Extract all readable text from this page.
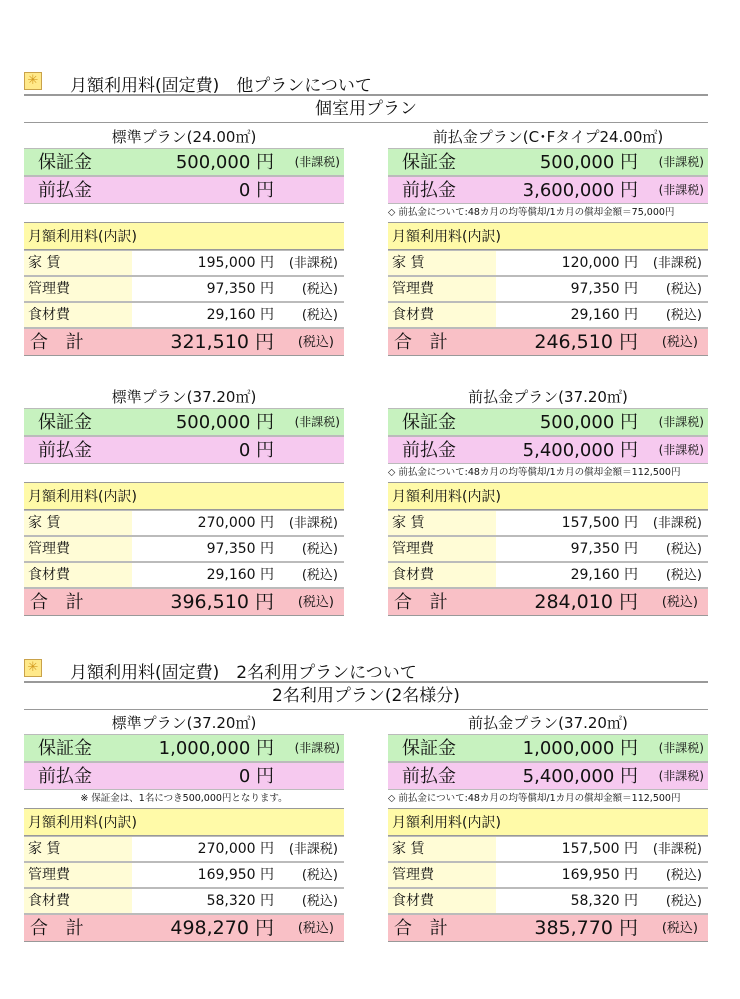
✳ 月額利用料(固定費)　他プランについて
個室用プラン
✳ 月額利用料(固定費)　2名利用プランについて
2名利用プラン(2名様分)
標準プラン(24.00㎡)
保証金	500,000 円 (非課税)
前払金	0 円
月額利用料(内訳)
家 賃	195,000 円 (非課税)
管理費	97,350 円 (税込)
食材費	29,160 円 (税込)
合 計	321,510 円 (税込)
前払金プラン(C･Fタイプ24.00㎡)
保証金	500,000 円 (非課税)
前払金	3,600,000 円 (非課税)
◇ 前払金について:48カ月の均等償却/1カ月の償却金額＝75,000円
月額利用料(内訳)
家 賃	120,000 円 (非課税)
管理費	97,350 円 (税込)
食材費	29,160 円 (税込)
合 計	246,510 円 (税込)
標準プラン(37.20㎡)
保証金	500,000 円 (非課税)
前払金	0 円
月額利用料(内訳)
家 賃	270,000 円 (非課税)
管理費	97,350 円 (税込)
食材費	29,160 円 (税込)
合 計	396,510 円 (税込)
前払金プラン(37.20㎡)
保証金	500,000 円 (非課税)
前払金	5,400,000 円 (非課税)
◇ 前払金について:48カ月の均等償却/1カ月の償却金額＝112,500円
月額利用料(内訳)
家 賃	157,500 円 (非課税)
管理費	97,350 円 (税込)
食材費	29,160 円 (税込)
合 計	284,010 円 (税込)
標準プラン(37.20㎡)
保証金	1,000,000 円 (非課税)
前払金	0 円
※ 保証金は、1名につき500,000円となります。
月額利用料(内訳)
家 賃	270,000 円 (非課税)
管理費	169,950 円 (税込)
食材費	58,320 円 (税込)
合 計	498,270 円 (税込)
前払金プラン(37.20㎡)
保証金	1,000,000 円 (非課税)
前払金	5,400,000 円 (非課税)
◇ 前払金について:48カ月の均等償却/1カ月の償却金額＝112,500円
月額利用料(内訳)
家 賃	157,500 円 (非課税)
管理費	169,950 円 (税込)
食材費	58,320 円 (税込)
合 計	385,770 円 (税込)
